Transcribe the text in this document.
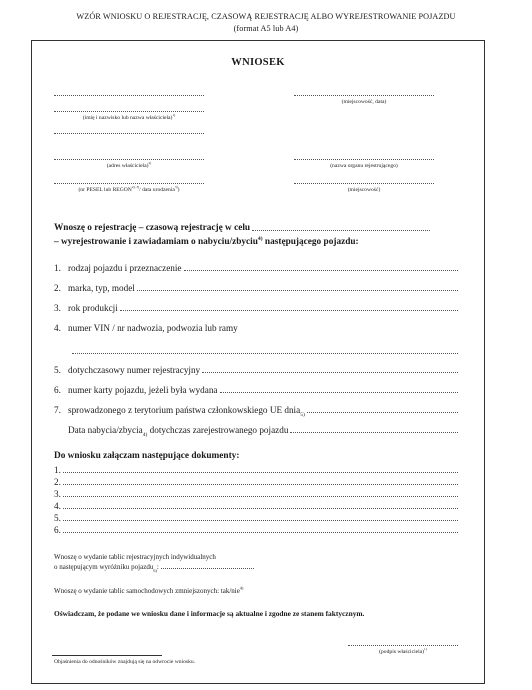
WZÓR WNIOSKU O REJESTRACJĘ, CZASOWĄ REJESTRACJĘ ALBO WYREJESTROWANIE POJAZDU
(format A5 lub A4)
WNIOSEK
(imię i nazwisko lub nazwa właściciela)$^{1)}$
(adres właściciela)$^{2)}$
(nr PESEL lub $REGON^{2), 3)}/$ data urodzenia$^{3)}$)
(miejscowość, data)
(nazwa organu rejestrującego)
(miejscowość)
Wnoszę o rejestrację – czasową rejestrację w celu
– wyrejestrowanie i zawiadamiam o nabyciu/zbyciu$^{4)}$ następującego pojazdu:
1. rodzaj pojazdu i przeznaczenie
2. marka, typ, model
3. rok produkcji
4. numer VIN / nr nadwozia, podwozia lub ramy
5. dotychczasowy numer rejestracyjny
6. numer karty pojazdu, jeżeli była wydana
7. sprowadzonego z terytorium państwa członkowskiego UE dnia 5)
Data nabycia/zbycia 4)
dotychczas zarejestrowanego pojazdu
Do wniosku załączam następujące dokumenty:
1.
2.
3.
4.
5.
6.
Wnoszę o wydanie tablic rejestracyjnych indywidualnych
o następującym wyróżniku pojazdu 6) :
Wnoszę o wydanie tablic samochodowych zmniejszonych: tak/nie$^{4)}$
Oświadczam, że podane we wniosku dane i informacje są aktualne i zgodne ze stanem faktycznym.
(podpis właściciela)$^{1)}$
Objaśnienia do odnośników znajdują się na odwrocie wniosku.
